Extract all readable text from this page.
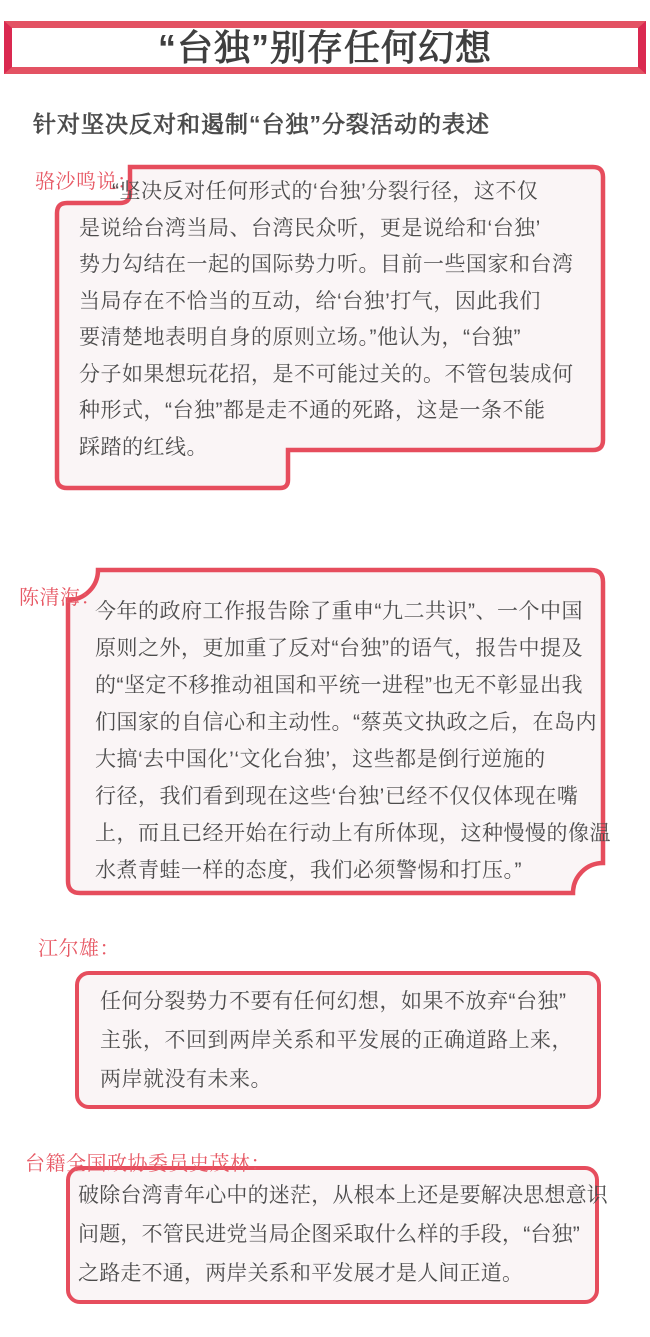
“台独”别存任何幻想
针对坚决反对和遏制“台独”分裂活动的表述
骆沙鸣说：
“坚决反对任何形式的‘台独’分裂行径，这不仅
是说给台湾当局、台湾民众听，更是说给和‘台独’
势力勾结在一起的国际势力听。目前一些国家和台湾
当局存在不恰当的互动，给‘台独’打气，因此我们
要清楚地表明自身的原则立场。”他认为，“台独”
分子如果想玩花招，是不可能过关的。不管包装成何
种形式，“台独”都是走不通的死路，这是一条不能
踩踏的红线。
陈清海：
今年的政府工作报告除了重申“九二共识”、一个中国
原则之外，更加重了反对“台独”的语气，报告中提及
的“坚定不移推动祖国和平统一进程”也无不彰显出我
们国家的自信心和主动性。“蔡英文执政之后，在岛内
大搞‘去中国化’‘文化台独’，这些都是倒行逆施的
行径，我们看到现在这些‘台独’已经不仅仅体现在嘴
上，而且已经开始在行动上有所体现，这种慢慢的像温
水煮青蛙一样的态度，我们必须警惕和打压。”
江尔雄：
任何分裂势力不要有任何幻想，如果不放弃“台独”
主张，不回到两岸关系和平发展的正确道路上来，
两岸就没有未来。
台籍全国政协委员史茂林：
破除台湾青年心中的迷茫，从根本上还是要解决思想意识
问题，不管民进党当局企图采取什么样的手段，“台独”
之路走不通，两岸关系和平发展才是人间正道。
